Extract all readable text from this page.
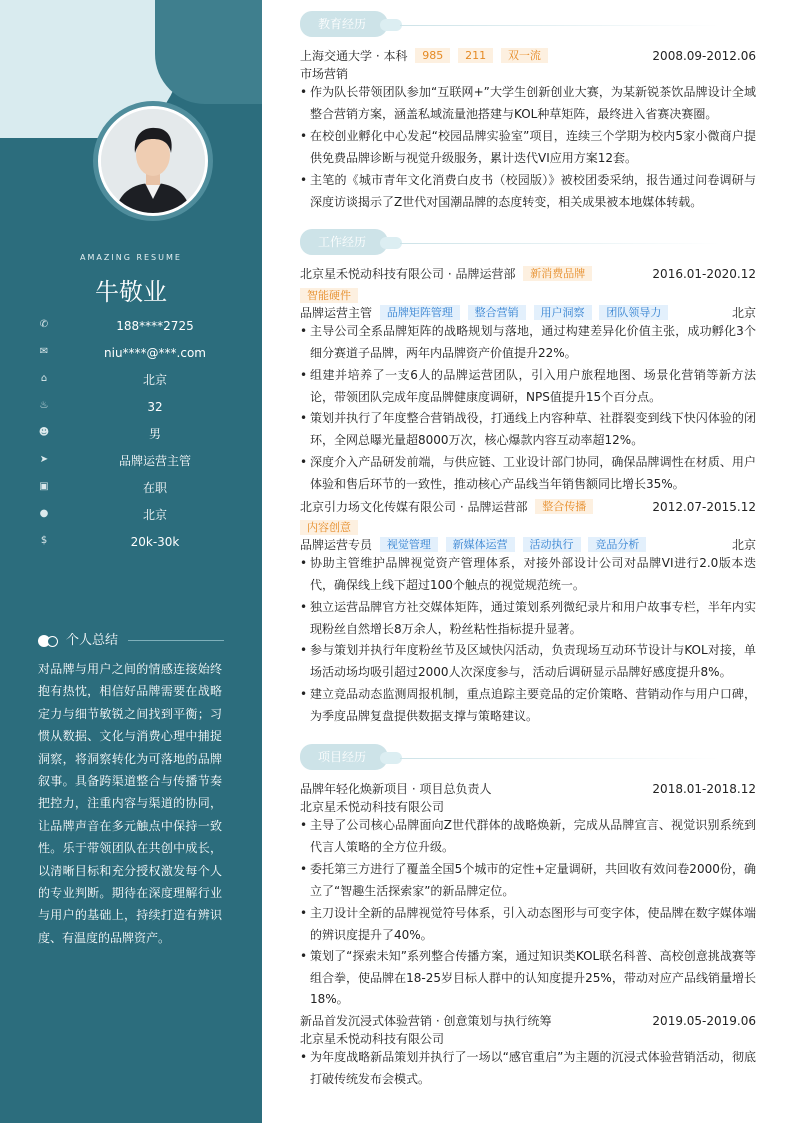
AMAZING RESUME
牛敬业
✆	188****2725
✉	niu****@***.com
⌂	北京
♨	32
☻	男
➤	品牌运营主管
▣	在职
●	北京
$	20k-30k
个人总结
对品牌与用户之间的情感连接始终抱有热忱，相信好品牌需要在战略定力与细节敏锐之间找到平衡；习惯从数据、文化与消费心理中捕捉洞察，将洞察转化为可落地的品牌叙事。具备跨渠道整合与传播节奏把控力，注重内容与渠道的协同，让品牌声音在多元触点中保持一致性。乐于带领团队在共创中成长，以清晰目标和充分授权激发每个人的专业判断。期待在深度理解行业与用户的基础上，持续打造有辨识度、有温度的品牌资产。
教育经历
上海交通大学 · 本科 985 211 双一流	2008.09-2012.06
市场营销
• 作为队长带领团队参加“互联网+”大学生创新创业大赛，为某新锐茶饮品牌设计全域整合营销方案，涵盖私域流量池搭建与KOL种草矩阵，最终进入省赛决赛圈。
• 在校创业孵化中心发起“校园品牌实验室”项目，连续三个学期为校内5家小微商户提供免费品牌诊断与视觉升级服务，累计迭代VI应用方案12套。
• 主笔的《城市青年文化消费白皮书（校园版）》被校团委采纳，报告通过问卷调研与深度访谈揭示了Z世代对国潮品牌的态度转变，相关成果被本地媒体转载。
工作经历
北京星禾悦动科技有限公司 · 品牌运营部 新消费品牌	2016.01-2020.12
智能硬件
品牌运营主管 品牌矩阵管理 整合营销 用户洞察 团队领导力	北京
• 主导公司全系品牌矩阵的战略规划与落地，通过构建差异化价值主张，成功孵化3个细分赛道子品牌，两年内品牌资产价值提升22%。
• 组建并培养了一支6人的品牌运营团队，引入用户旅程地图、场景化营销等新方法论，带领团队完成年度品牌健康度调研，NPS值提升15个百分点。
• 策划并执行了年度整合营销战役，打通线上内容种草、社群裂变到线下快闪体验的闭环，全网总曝光量超8000万次，核心爆款内容互动率超12%。
• 深度介入产品研发前端，与供应链、工业设计部门协同，确保品牌调性在材质、用户体验和售后环节的一致性，推动核心产品线当年销售额同比增长35%。
北京引力场文化传媒有限公司 · 品牌运营部 整合传播	2012.07-2015.12
内容创意
品牌运营专员 视觉管理 新媒体运营 活动执行 竞品分析	北京
• 协助主管维护品牌视觉资产管理体系，对接外部设计公司对品牌VI进行2.0版本迭代，确保线上线下超过100个触点的视觉规范统一。
• 独立运营品牌官方社交媒体矩阵，通过策划系列微纪录片和用户故事专栏，半年内实现粉丝自然增长8万余人，粉丝粘性指标提升显著。
• 参与策划并执行年度粉丝节及区域快闪活动，负责现场互动环节设计与KOL对接，单场活动场均吸引超过2000人次深度参与，活动后调研显示品牌好感度提升8%。
• 建立竞品动态监测周报机制，重点追踪主要竞品的定价策略、营销动作与用户口碑，为季度品牌复盘提供数据支撑与策略建议。
项目经历
品牌年轻化焕新项目 · 项目总负责人	2018.01-2018.12
北京星禾悦动科技有限公司
• 主导了公司核心品牌面向Z世代群体的战略焕新，完成从品牌宣言、视觉识别系统到代言人策略的全方位升级。
• 委托第三方进行了覆盖全国5个城市的定性+定量调研，共回收有效问卷2000份，确立了“智趣生活探索家”的新品牌定位。
• 主刀设计全新的品牌视觉符号体系，引入动态图形与可变字体，使品牌在数字媒体端的辨识度提升了40%。
• 策划了“探索未知”系列整合传播方案，通过知识类KOL联名科普、高校创意挑战赛等组合拳，使品牌在18-25岁目标人群中的认知度提升25%，带动对应产品线销量增长18%。
新品首发沉浸式体验营销 · 创意策划与执行统筹	2019.05-2019.06
北京星禾悦动科技有限公司
• 为年度战略新品策划并执行了一场以“感官重启”为主题的沉浸式体验营销活动，彻底打破传统发布会模式。
